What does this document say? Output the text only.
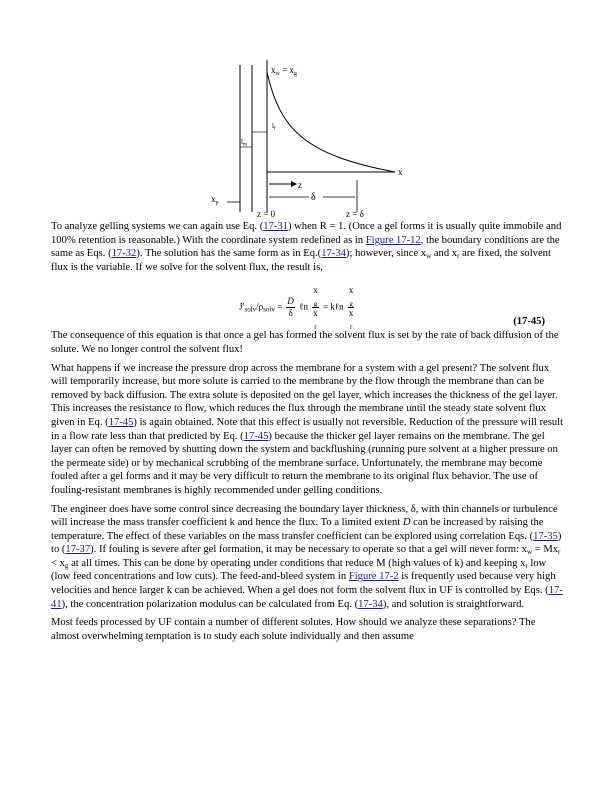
$x_w = x_g$
$l_f$
$l_m$
z
δ
x
$x_p$
z = 0	z = δ

To analyze gelling systems we can again use Eq. (17-31) when R = 1. (Once a gel forms it is usually quite immobile and 100% retention is reasonable.) With the coordinate system redefined as in Figure 17-12, the boundary conditions are the same as Eqs. (17-32). The solution has the same form as in Eq.(17-34); however, since $x_w$ and $x_r$ are fixed, the solvent flux is the variable. If we solve for the solvent flux, the result is,

$J'_{solv}/\rho_{solv} = \frac{D}{\delta}$ ℓn x
$_g$
x
$_r$ = kℓn x
$_g$
x
$_r$	(17-45)

The consequence of this equation is that once a gel has formed the solvent flux is set by the rate of back diffusion of the solute. We no longer control the solvent flux!

What happens if we increase the pressure drop across the membrane for a system with a gel present? The solvent flux will temporarily increase, but more solute is carried to the membrane by the flow through the membrane than can be removed by back diffusion. The extra solute is deposited on the gel layer, which increases the thickness of the gel layer. This increases the resistance to flow, which reduces the flux through the membrane until the steady state solvent flux given in Eq. (17-45) is again obtained. Note that this effect is usually not reversible. Reduction of the pressure will result in a flow rate less than that predicted by Eq. (17-45) because the thicker gel layer remains on the membrane. The gel layer can often be removed by shutting down the system and backflushing (running pure solvent at a higher pressure on the permeate side) or by mechanical scrubbing of the membrane surface. Unfortunately, the membrane may become fouled after a gel forms and it may be very difficult to return the membrane to its original flux behavior. The use of fouling-resistant membranes is highly recommended under gelling conditions.

The engineer does have some control since decreasing the boundary layer thickness, δ, with thin channels or turbulence will increase the mass transfer coefficient k and hence the flux. To a limited extent D can be increased by raising the temperature. The effect of these variables on the mass transfer coefficient can be explored using correlation Eqs. (17-35) to (17-37). If fouling is severe after gel formation, it may be necessary to operate so that a gel will never form: $x_w = Mx_r < x_g$ at all times. This can be done by operating under conditions that reduce M (high values of k) and keeping $x_r$ low (low feed concentrations and low cuts). The feed-and-bleed system in Figure 17-2 is frequently used because very high velocities and hence larger k can be achieved. When a gel does not form the solvent flux in UF is controlled by Eqs. (17-41), the concentration polarization modulus can be calculated from Eq. (17-34), and solution is straightforward.

Most feeds processed by UF contain a number of different solutes. How should we analyze these separations? The almost overwhelming temptation is to study each solute individually and then assume
